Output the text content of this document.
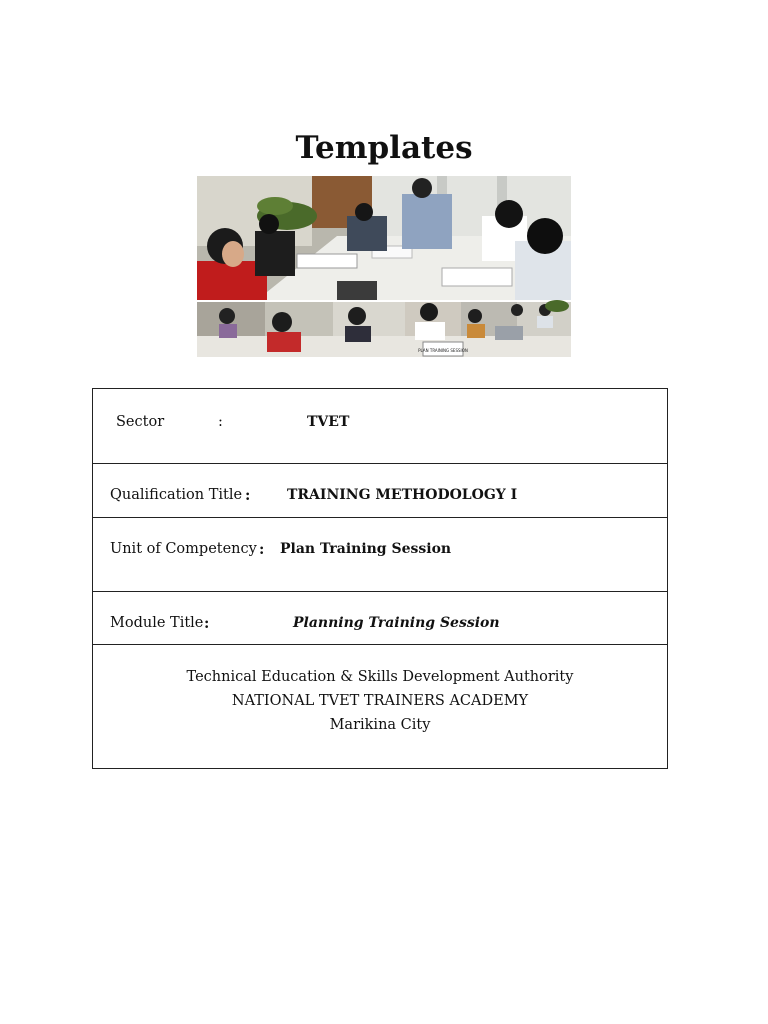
Templates
PLAN TRAINING SESSION
Sector	:	TVET
Qualification Title :	TRAINING METHODOLOGY I
Unit of Competency : Plan Training Session
Module Title :	Planning Training Session
Technical Education & Skills Development Authority
NATIONAL TVET TRAINERS ACADEMY
Marikina City
